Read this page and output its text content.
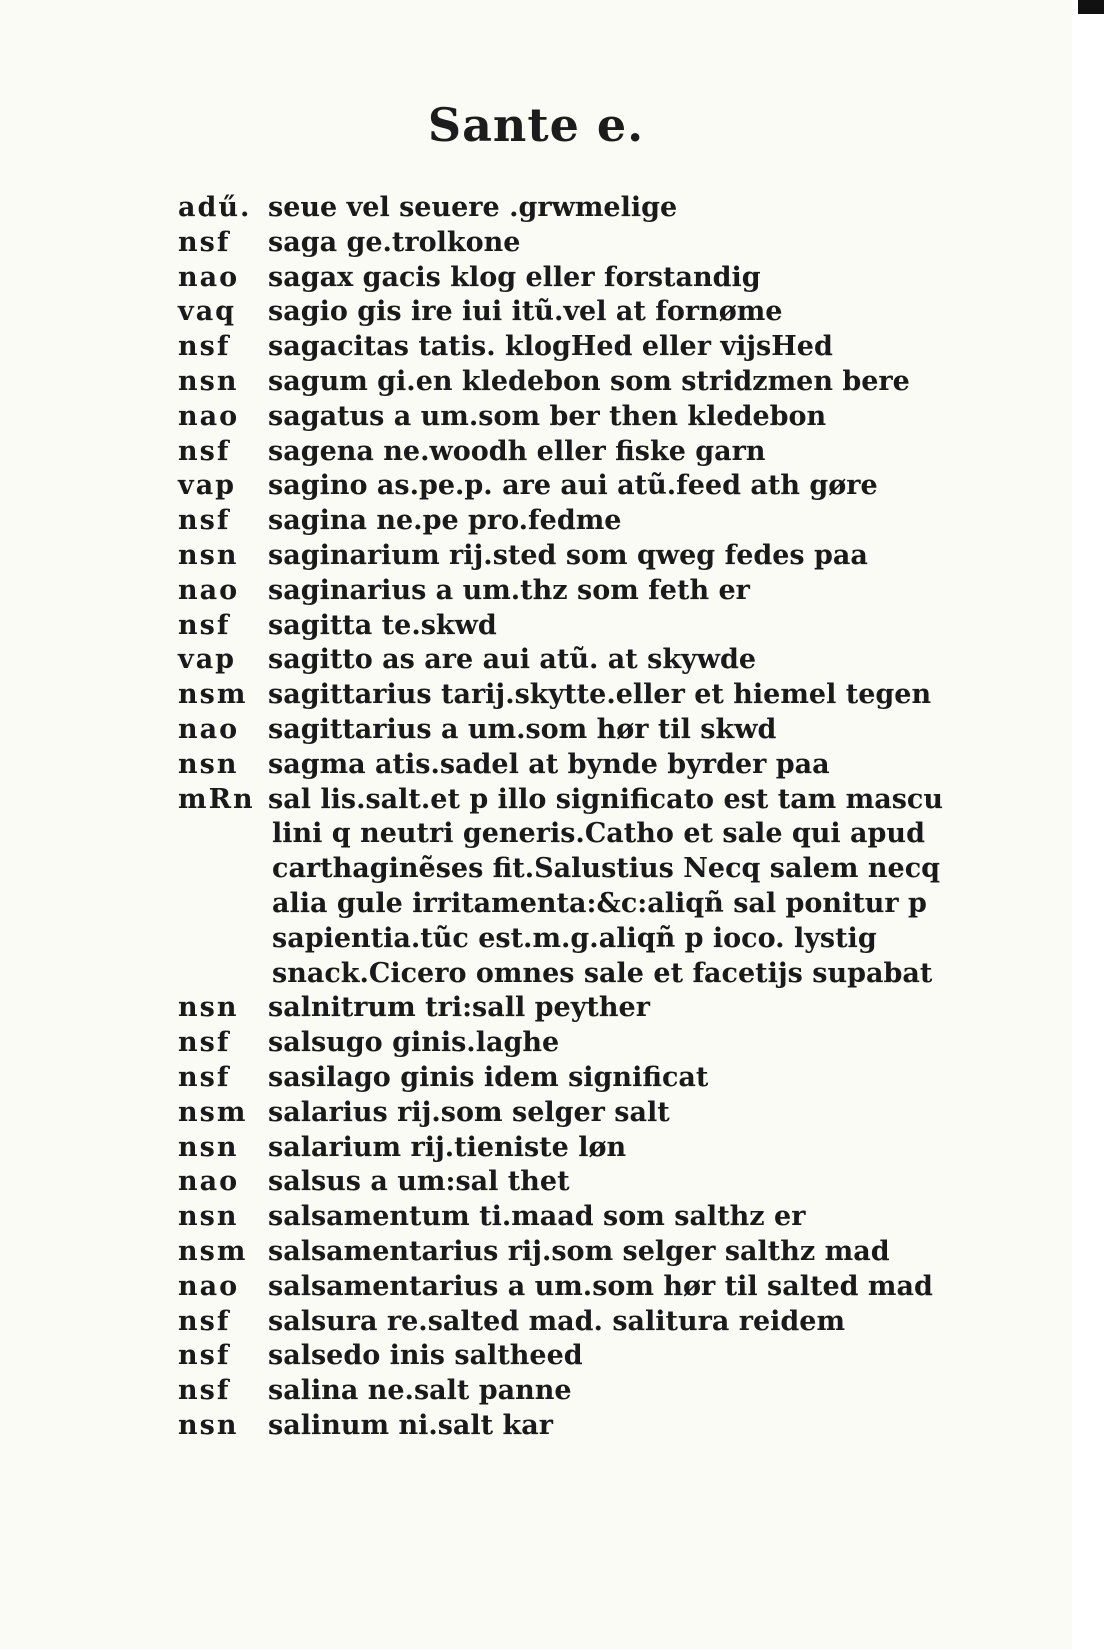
Sante e.
adű. seue vel seuere .grwmelige
nsf	saga ge.trolkone
nao	sagax gacis klog eller forstandig
vaq	sagio gis ire iui itũ.vel at fornøme
nsf	sagacitas tatis. klogHed eller vijsHed
nsn	sagum gi.en kledebon som stridzmen bere
nao	sagatus a um.som ber then kledebon
nsf	sagena ne.woodh eller fiske garn
vap	sagino as.pe.p. are aui atũ.feed ath gøre
nsf	sagina ne.pe pro.fedme
nsn	saginarium rij.sted som qweg fedes paa
nao	saginarius a um.thz som feth er
nsf	sagitta te.skwd
vap	sagitto as are aui atũ. at skywde
nsm sagittarius tarij.skytte.eller et hiemel tegen
nao	sagittarius a um.som hør til skwd
nsn	sagma atis.sadel at bynde byrder paa
mRn sal lis.salt.et p illo significato est tam mascu
lini q neutri generis.Catho et sale qui apud
carthaginẽses fit.Salustius Necq salem necq
alia gule irritamenta:&c:aliqñ sal ponitur p
sapientia.tũc est.m.g.aliqñ p ioco. lystig
snack.Cicero omnes sale et facetijs supabat
nsn	salnitrum tri:sall peyther
nsf	salsugo ginis.laghe
nsf	sasilago ginis idem significat
nsm salarius rij.som selger salt
nsn	salarium rij.tieniste løn
nao	salsus a um:sal thet
nsn	salsamentum ti.maad som salthz er
nsm salsamentarius rij.som selger salthz mad
nao	salsamentarius a um.som hør til salted mad
nsf	salsura re.salted mad. salitura reidem
nsf	salsedo inis saltheed
nsf	salina ne.salt panne
nsn	salinum ni.salt kar
